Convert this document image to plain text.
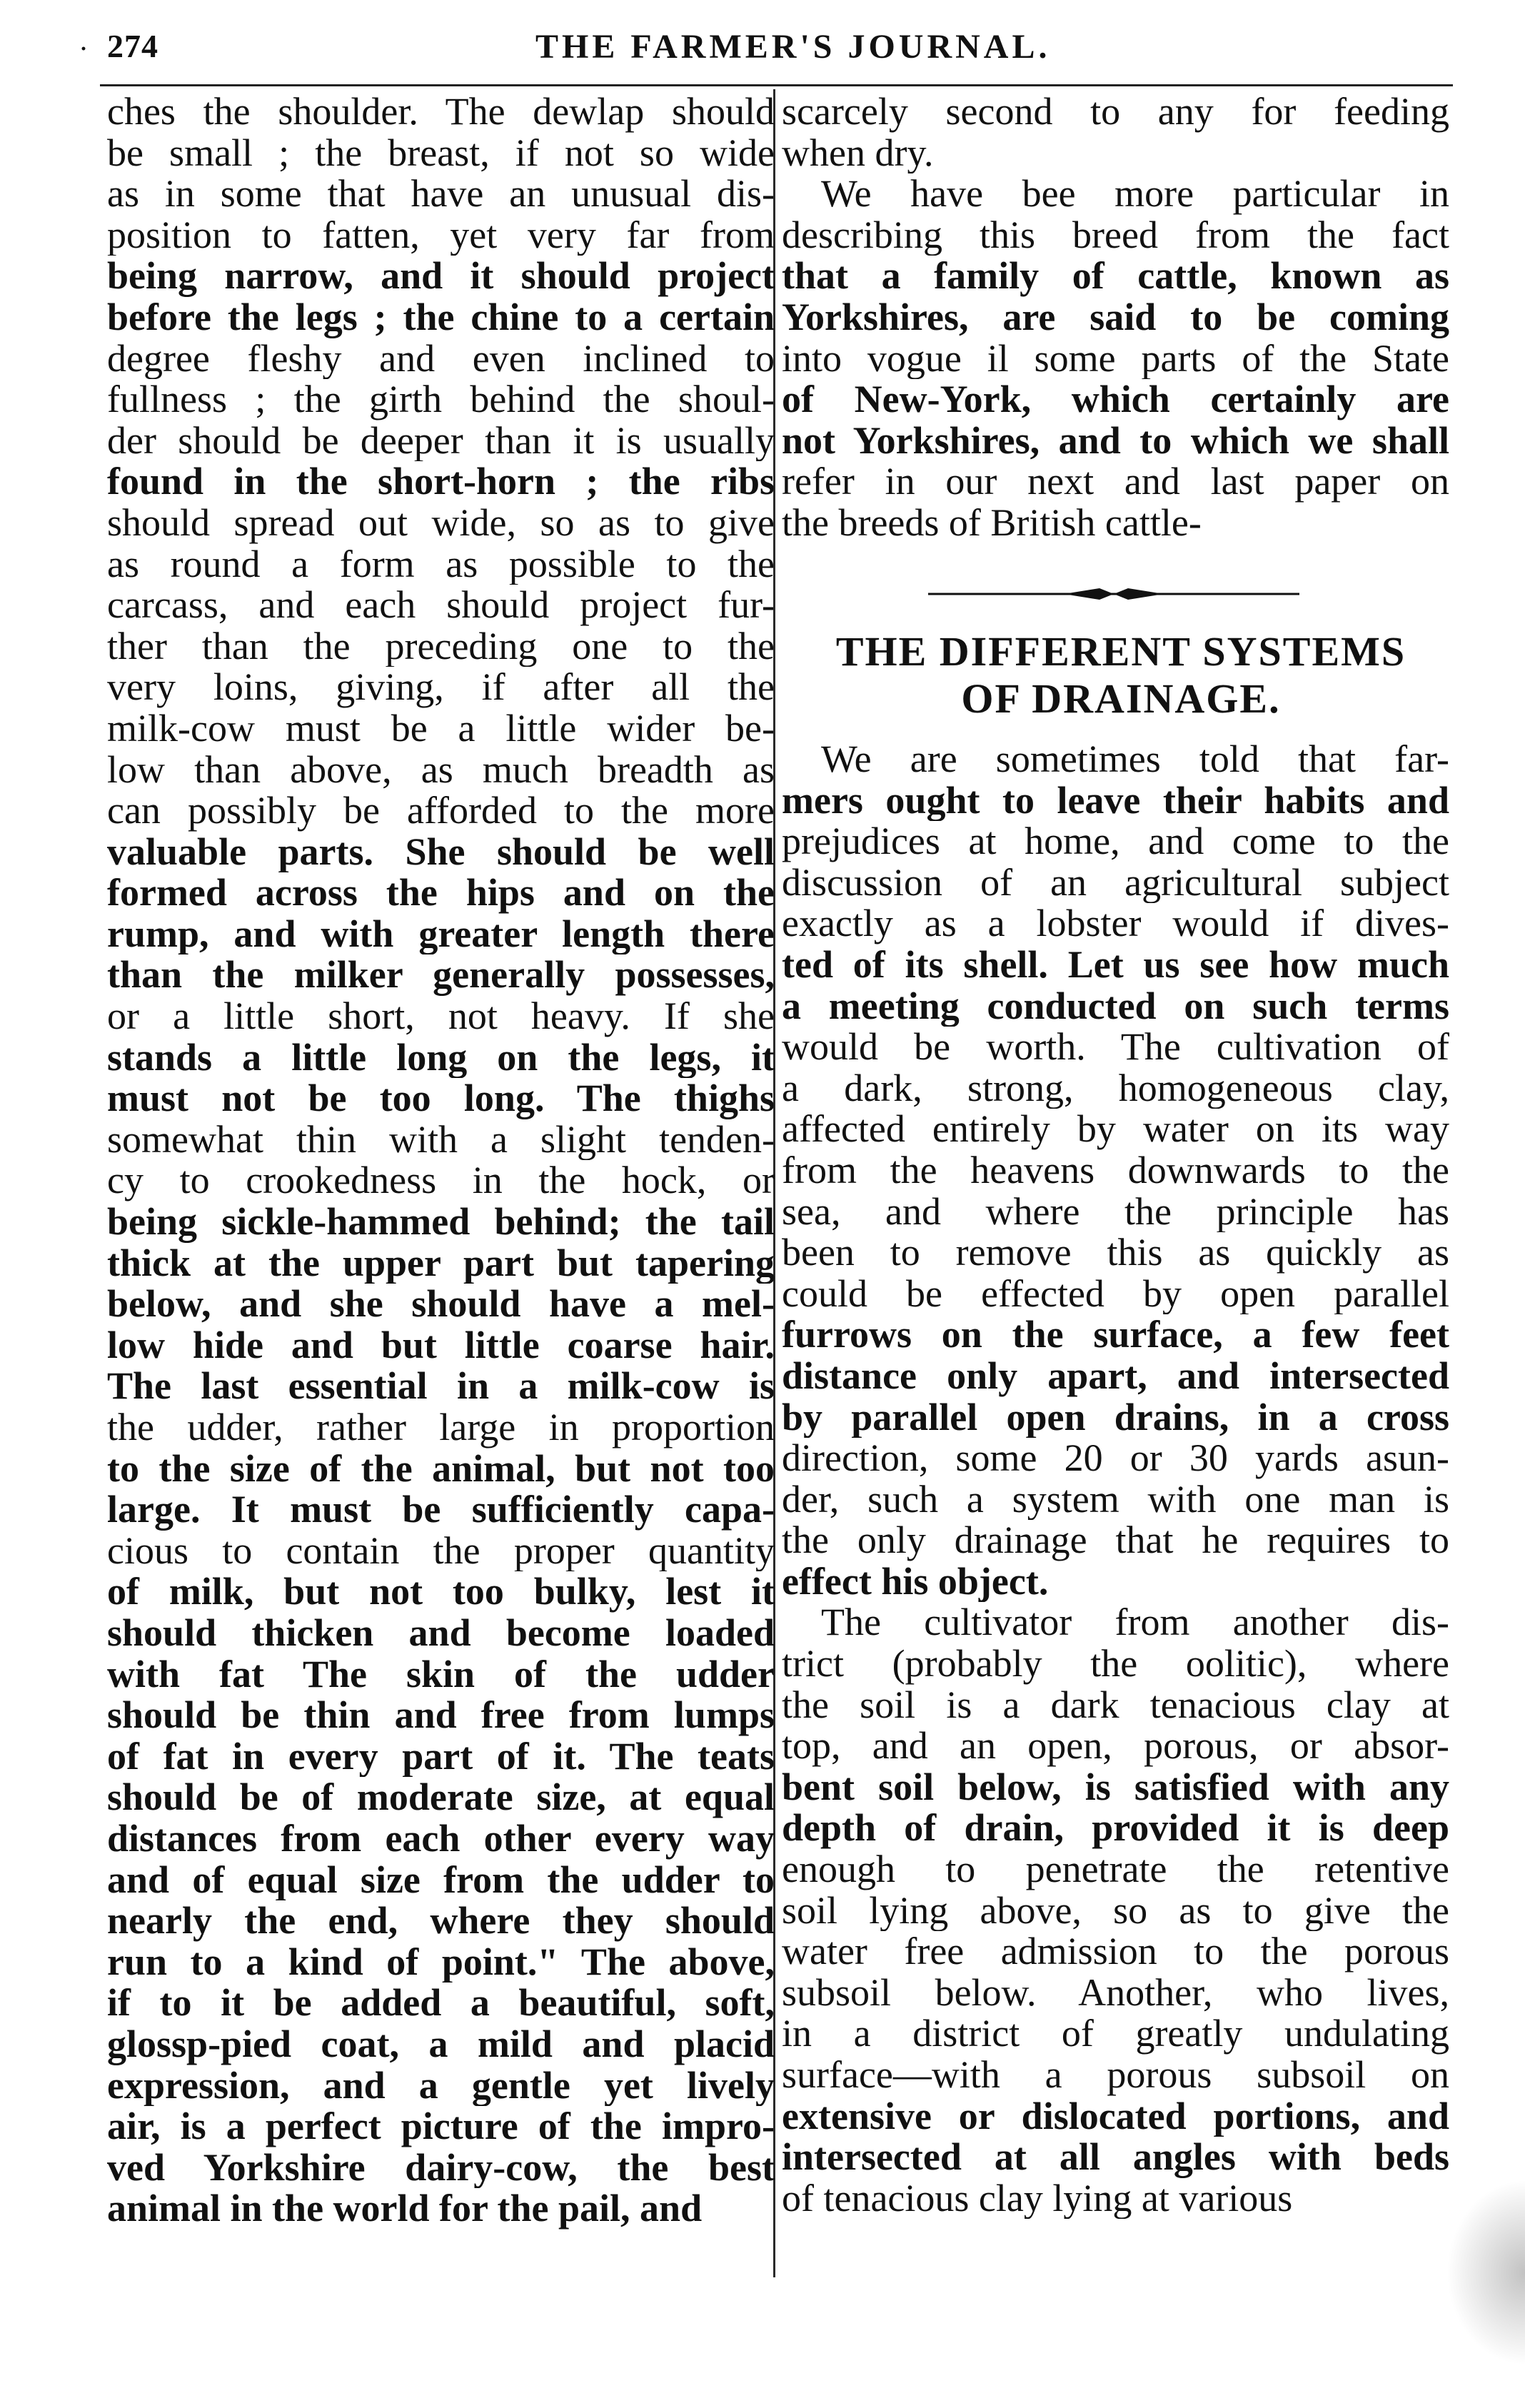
· 274	THE FARMER'S JOURNAL.
ches the shoulder. The dewlap should
be small ; the breast, if not so wide
as in some that have an unusual dis-
position to fatten, yet very far from
being narrow, and it should project
before the legs ; the chine to a certain
degree fleshy and even inclined to
fullness ; the girth behind the shoul-
der should be deeper than it is usually
found in the short-horn ; the ribs
should spread out wide, so as to give
as round a form as possible to the
carcass, and each should project fur-
ther than the preceding one to the
very loins, giving, if after all the
milk-cow must be a little wider be-
low than above, as much breadth as
can possibly be afforded to the more
valuable parts. She should be well
formed across the hips and on the
rump, and with greater length there
than the milker generally possesses,
or a little short, not heavy. If she
stands a little long on the legs, it
must not be too long. The thighs
somewhat thin with a slight tenden-
cy to crookedness in the hock, or
being sickle-hammed behind; the tail
thick at the upper part but tapering
below, and she should have a mel-
low hide and but little coarse hair.
The last essential in a milk-cow is
the udder, rather large in proportion
to the size of the animal, but not too
large. It must be sufficiently capa-
cious to contain the proper quantity
of milk, but not too bulky, lest it
should thicken and become loaded
with fat The skin of the udder
should be thin and free from lumps
of fat in every part of it. The teats
should be of moderate size, at equal
distances from each other every way
and of equal size from the udder to
nearly the end, where they should
run to a kind of point." The above,
if to it be added a beautiful, soft,
glossp-pied coat, a mild and placid
expression, and a gentle yet lively
air, is a perfect picture of the impro-
ved Yorkshire dairy-cow, the best
animal in the world for the pail, and
scarcely second to any for feeding
when dry.
We have bee more particular in
describing this breed from the fact
that a family of cattle, known as
Yorkshires, are said to be coming
into vogue il some parts of the State
of New-York, which certainly are
not Yorkshires, and to which we shall
refer in our next and last paper on
the breeds of British cattle-
THE DIFFERENT SYSTEMS
OF DRAINAGE.
We are sometimes told that far-
mers ought to leave their habits and
prejudices at home, and come to the
discussion of an agricultural subject
exactly as a lobster would if dives-
ted of its shell. Let us see how much
a meeting conducted on such terms
would be worth. The cultivation of
a dark, strong, homogeneous clay,
affected entirely by water on its way
from the heavens downwards to the
sea, and where the principle has
been to remove this as quickly as
could be effected by open parallel
furrows on the surface, a few feet
distance only apart, and intersected
by parallel open drains, in a cross
direction, some 20 or 30 yards asun-
der, such a system with one man is
the only drainage that he requires to
effect his object.
The cultivator from another dis-
trict (probably the oolitic), where
the soil is a dark tenacious clay at
top, and an open, porous, or absor-
bent soil below, is satisfied with any
depth of drain, provided it is deep
enough to penetrate the retentive
soil lying above, so as to give the
water free admission to the porous
subsoil below. Another, who lives,
in a district of greatly undulating
surface—with a porous subsoil on
extensive or dislocated portions, and
intersected at all angles with beds
of tenacious clay lying at various
